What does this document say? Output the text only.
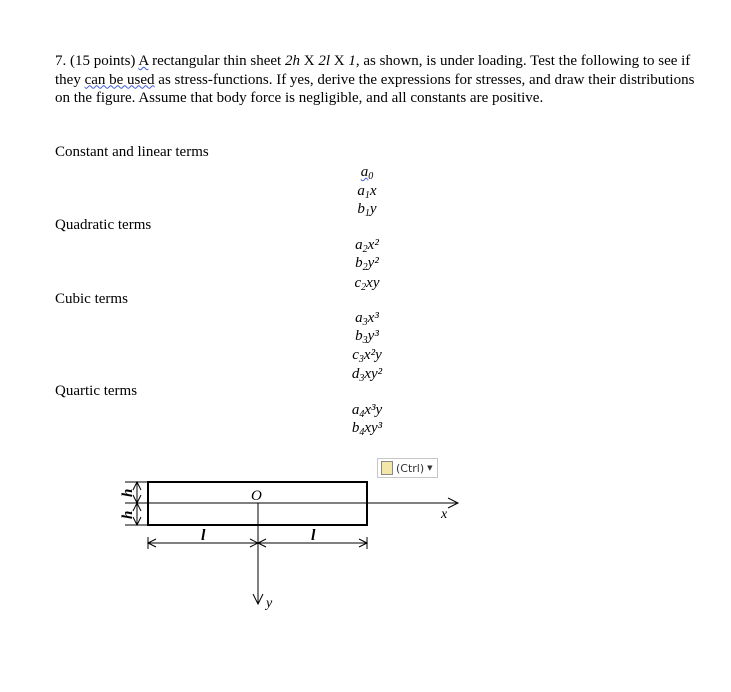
7. (15 points) A rectangular thin sheet 2h X 2l X 1, as shown, is under loading. Test the following to see if they can be used as stress-functions. If yes, derive the expressions for stresses, and draw their distributions on the figure. Assume that body force is negligible, and all constants are positive.
Constant and linear terms
$a_0$
$a_1x$
$b_1y$
Quadratic terms
$a_2x^2$
$b_2y^2$
$c_2xy$
Cubic terms
$a_3x^3$
$b_3y^3$
$c_3x^2y$
$d_3xy^2$
Quartic terms
$a_4x^3y$
$b_4xy^3$
(Ctrl) ▼
O
x
y
l	l
h
h
